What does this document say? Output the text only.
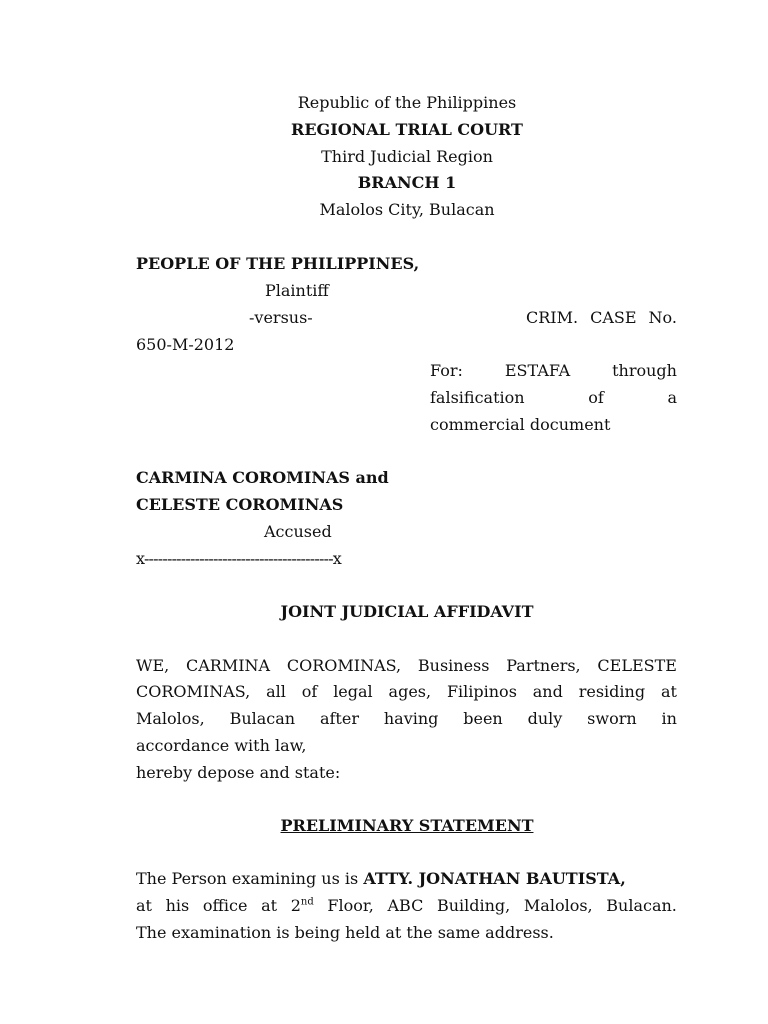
Republic of the Philippines
REGIONAL TRIAL COURT
Third Judicial Region
BRANCH 1
Malolos City, Bulacan
PEOPLE OF THE PHILIPPINES,
Plaintiff
-versus-	CRIM. CASE No.
650-M-2012
For:	ESTAFA	through
falsification	of	a
commercial document
CARMINA COROMINAS and
CELESTE COROMINAS
Accused
x-----------------------------------------x
JOINT JUDICIAL AFFIDAVIT
WE, CARMINA COROMINAS, Business Partners, CELESTE
COROMINAS, all of legal ages, Filipinos and residing at
Malolos, Bulacan after having been duly sworn in
accordance with law,
hereby depose and state:
PRELIMINARY STATEMENT
The Person examining us is ATTY. JONATHAN BAUTISTA,
at his office at 2nd Floor, ABC Building, Malolos, Bulacan.
The examination is being held at the same address.
